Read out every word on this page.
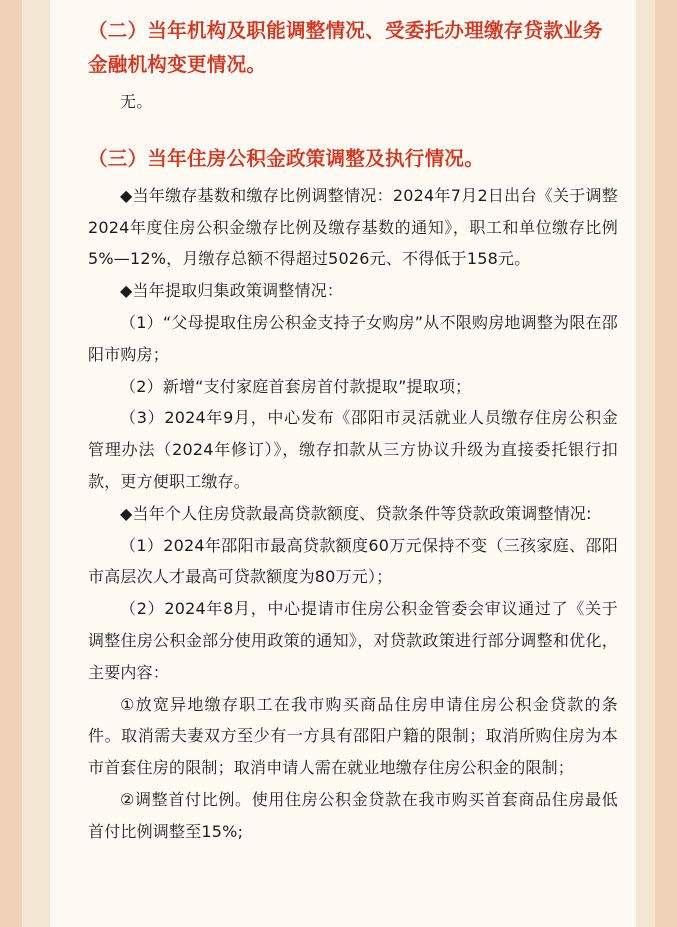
（二）当年机构及职能调整情况、受委托办理缴存贷款业务金融机构变更情况。

无。

（三）当年住房公积金政策调整及执行情况。

◆当年缴存基数和缴存比例调整情况：2024年7月2日出台《关于调整2024年度住房公积金缴存比例及缴存基数的通知》，职工和单位缴存比例5%—12%，月缴存总额不得超过5026元、不得低于158元。

◆当年提取归集政策调整情况：

（1）“父母提取住房公积金支持子女购房”从不限购房地调整为限在邵阳市购房；

（2）新增“支付家庭首套房首付款提取”提取项；

（3）2024年9月，中心发布《邵阳市灵活就业人员缴存住房公积金管理办法（2024年修订）》，缴存扣款从三方协议升级为直接委托银行扣款，更方便职工缴存。

◆当年个人住房贷款最高贷款额度、贷款条件等贷款政策调整情况:

（1）2024年邵阳市最高贷款额度60万元保持不变（三孩家庭、邵阳市高层次人才最高可贷款额度为80万元）；

（2）2024年8月，中心提请市住房公积金管委会审议通过了《关于调整住房公积金部分使用政策的通知》，对贷款政策进行部分调整和优化，主要内容：

①放宽异地缴存职工在我市购买商品住房申请住房公积金贷款的条件。取消需夫妻双方至少有一方具有邵阳户籍的限制；取消所购住房为本市首套住房的限制；取消申请人需在就业地缴存住房公积金的限制；

②调整首付比例。使用住房公积金贷款在我市购买首套商品住房最低首付比例调整至15%;
